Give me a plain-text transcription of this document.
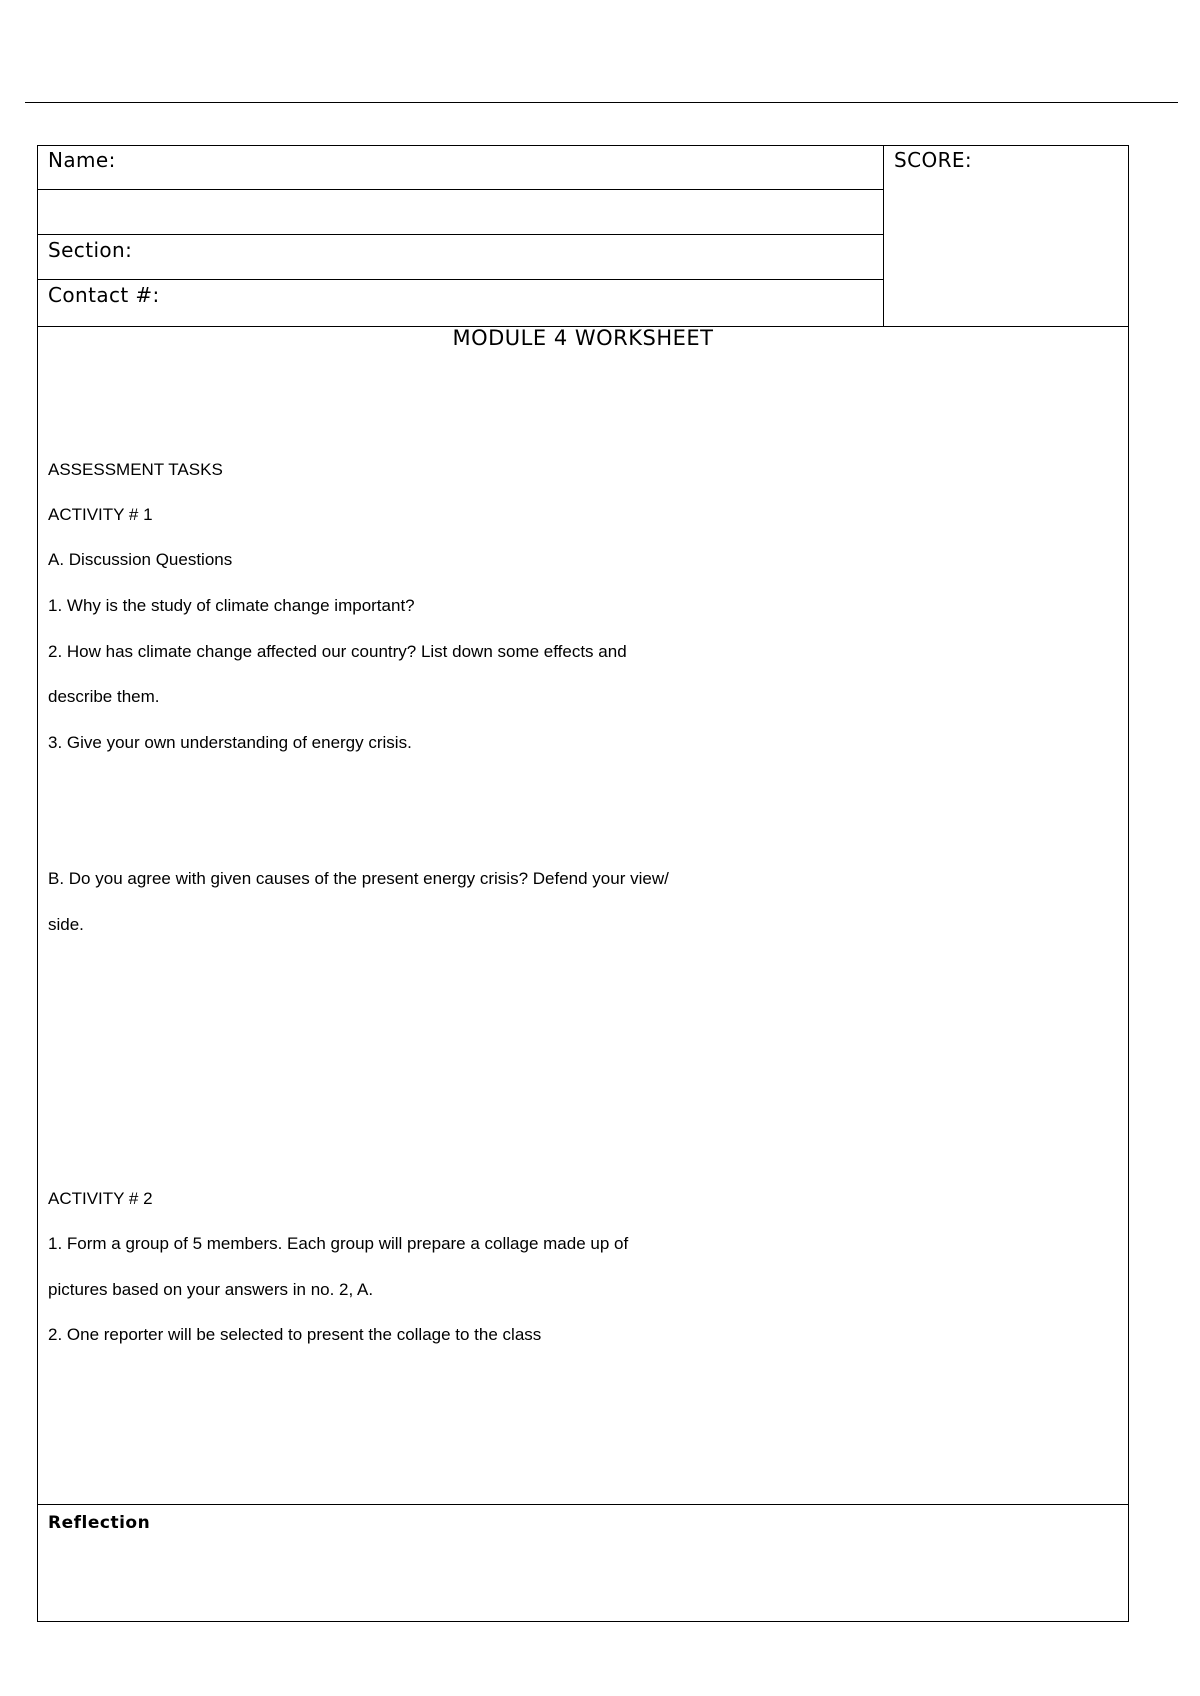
Name:
Section:
Contact #:
SCORE:
MODULE 4 WORKSHEET
ASSESSMENT TASKS
ACTIVITY # 1
A. Discussion Questions
1. Why is the study of climate change important?
2. How has climate change affected our country? List down some effects and
describe them.
3. Give your own understanding of energy crisis.
B. Do you agree with given causes of the present energy crisis? Defend your view/
side.
ACTIVITY # 2
1. Form a group of 5 members. Each group will prepare a collage made up of
pictures based on your answers in no. 2, A.
2. One reporter will be selected to present the collage to the class
Reflection
